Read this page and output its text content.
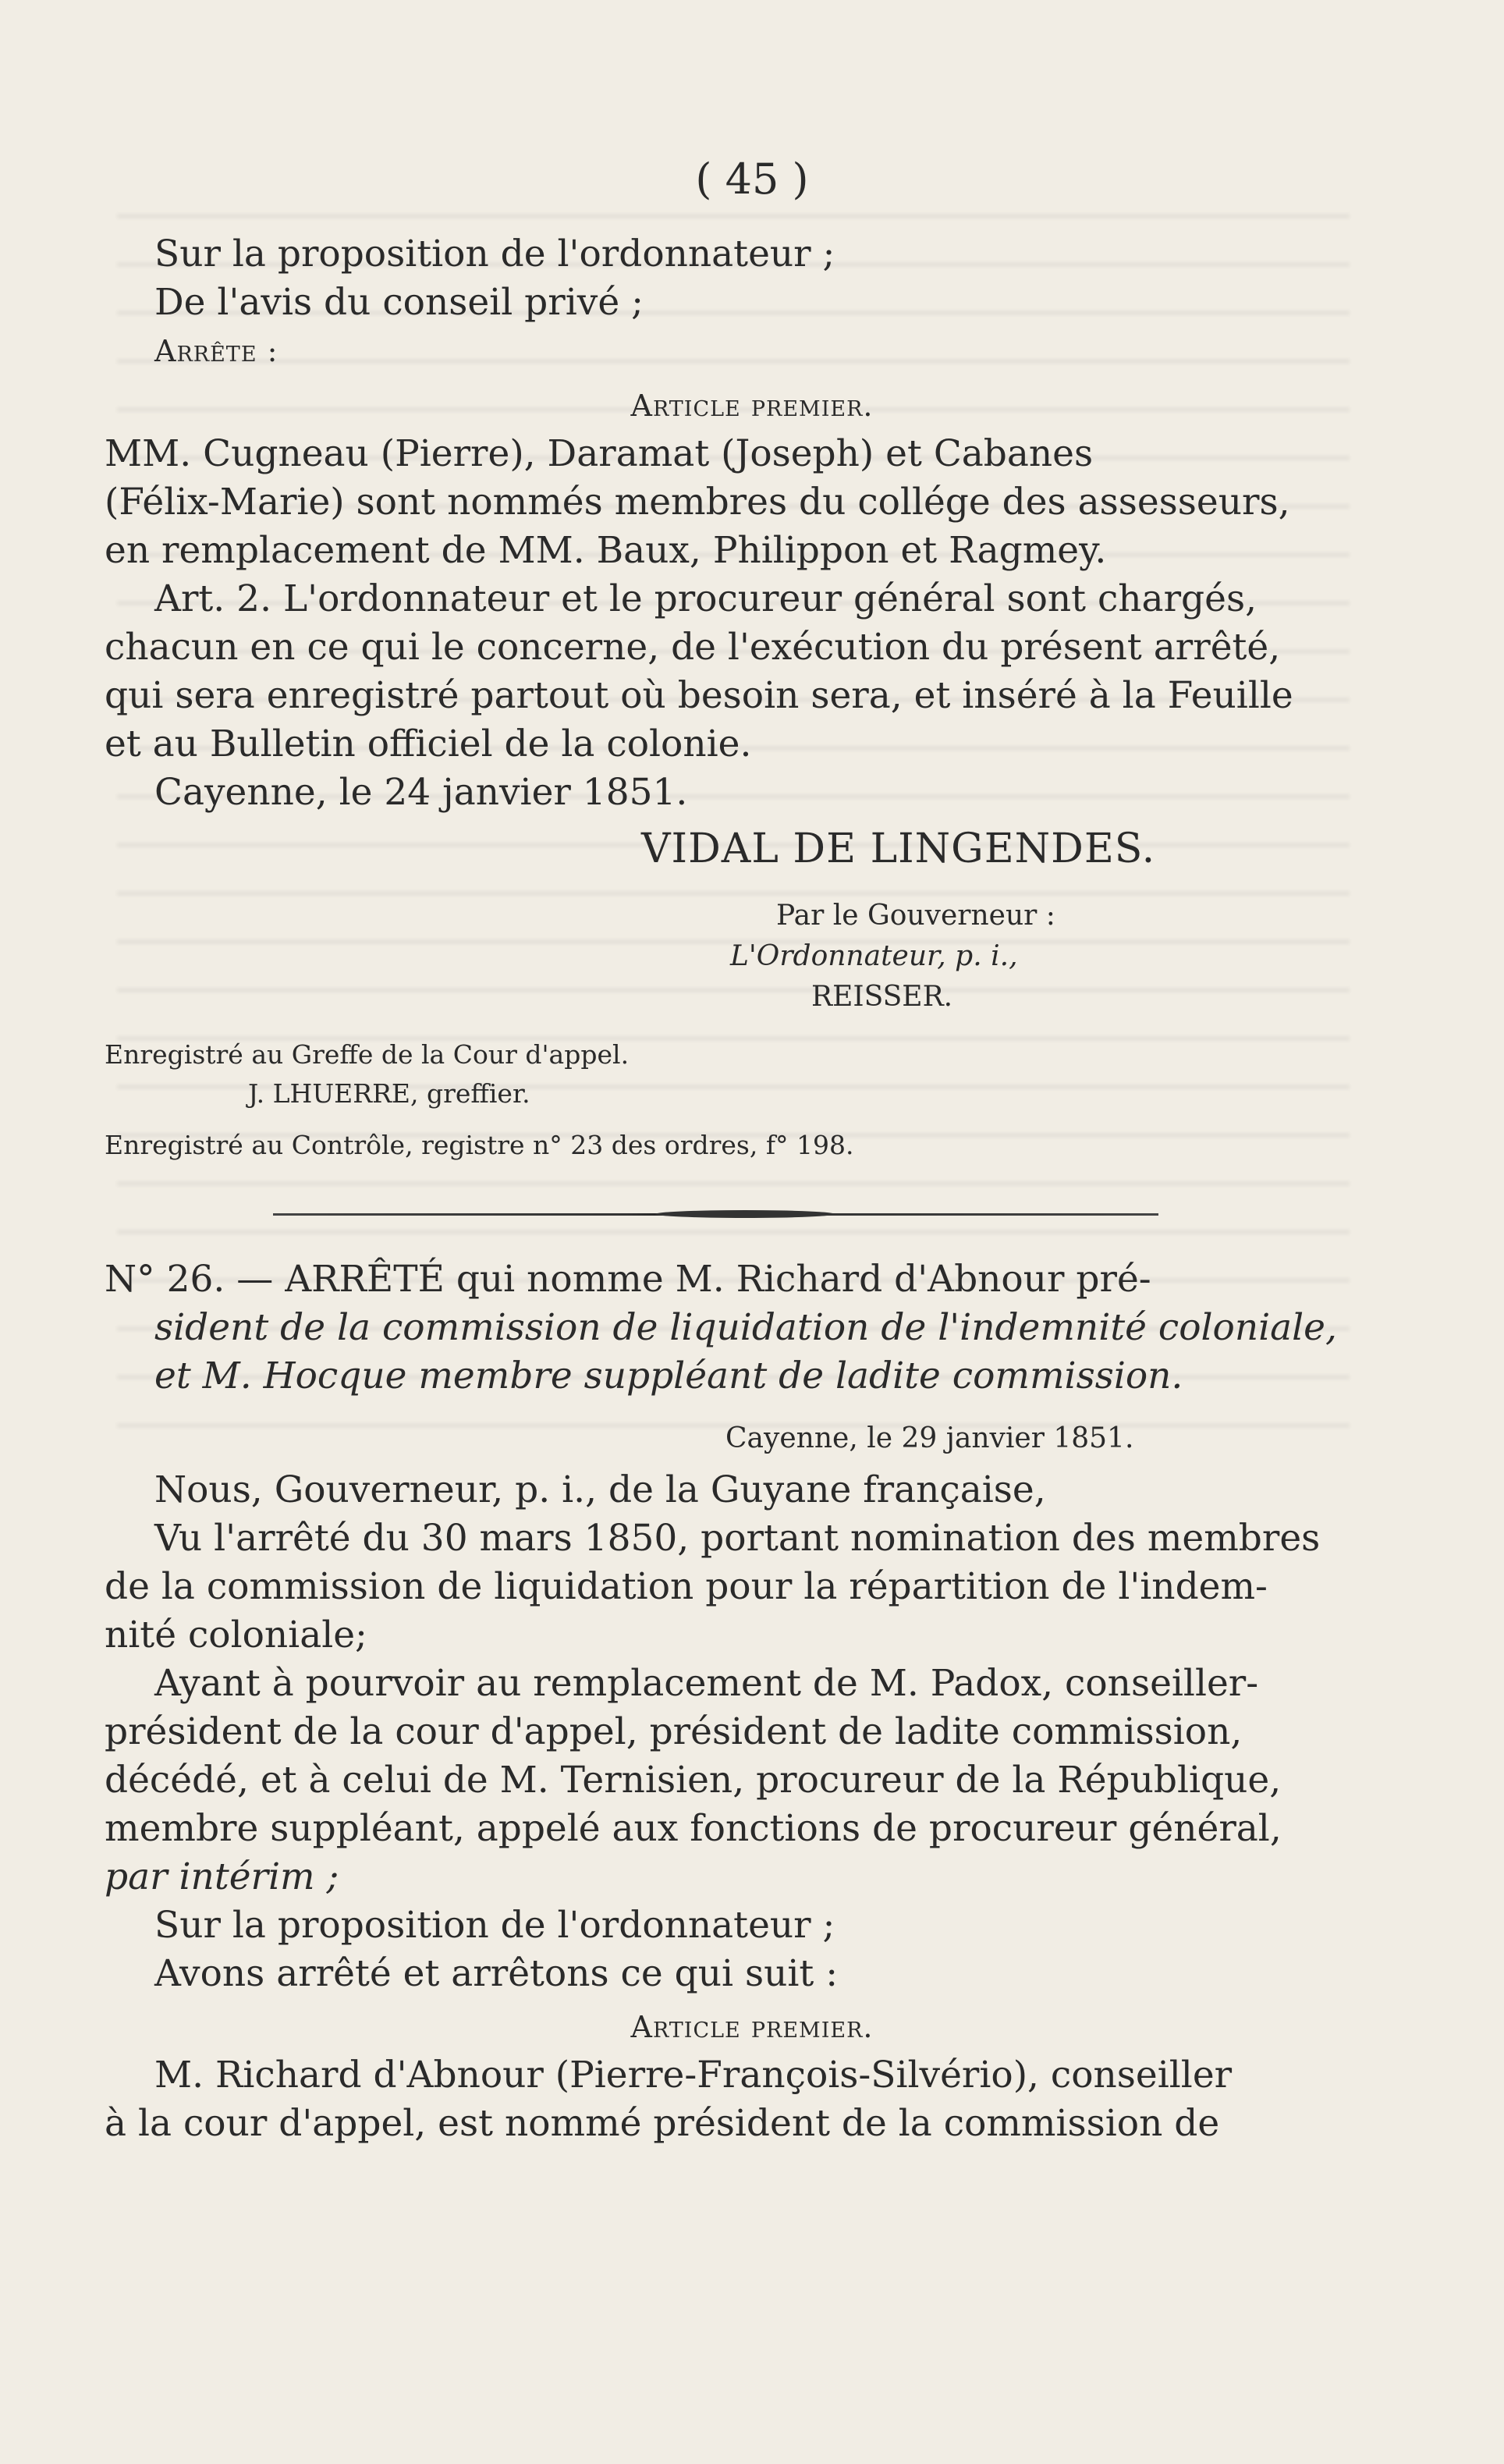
( 45 )
Sur la proposition de l'ordonnateur ;
De l'avis du conseil privé ;
Arrête :
Article premier.
MM. Cugneau (Pierre), Daramat (Joseph) et Cabanes
(Félix-Marie) sont nommés membres du collége des assesseurs,
en remplacement de MM. Baux, Philippon et Ragmey.
Art. 2. L'ordonnateur et le procureur général sont chargés,
chacun en ce qui le concerne, de l'exécution du présent arrêté,
qui sera enregistré partout où besoin sera, et inséré à la Feuille
et au Bulletin officiel de la colonie.
Cayenne, le 24 janvier 1851.
VIDAL DE LINGENDES.
Par le Gouverneur :
L'Ordonnateur, p. i.,
REISSER.
Enregistré au Greffe de la Cour d'appel.
J. LHUERRE, greffier.
Enregistré au Contrôle, registre n° 23 des ordres, f° 198.
N° 26. — ARRÊTÉ qui nomme M. Richard d'Abnour pré-
sident de la commission de liquidation de l'indemnité coloniale,
et M. Hocque membre suppléant de ladite commission.
Cayenne, le 29 janvier 1851.
Nous, Gouverneur, p. i., de la Guyane française,
Vu l'arrêté du 30 mars 1850, portant nomination des membres
de la commission de liquidation pour la répartition de l'indem-
nité coloniale;
Ayant à pourvoir au remplacement de M. Padox, conseiller-
président de la cour d'appel, président de ladite commission,
décédé, et à celui de M. Ternisien, procureur de la République,
membre suppléant, appelé aux fonctions de procureur général,
par intérim ;
Sur la proposition de l'ordonnateur ;
Avons arrêté et arrêtons ce qui suit :
Article premier.
M. Richard d'Abnour (Pierre-François-Silvério), conseiller
à la cour d'appel, est nommé président de la commission de
